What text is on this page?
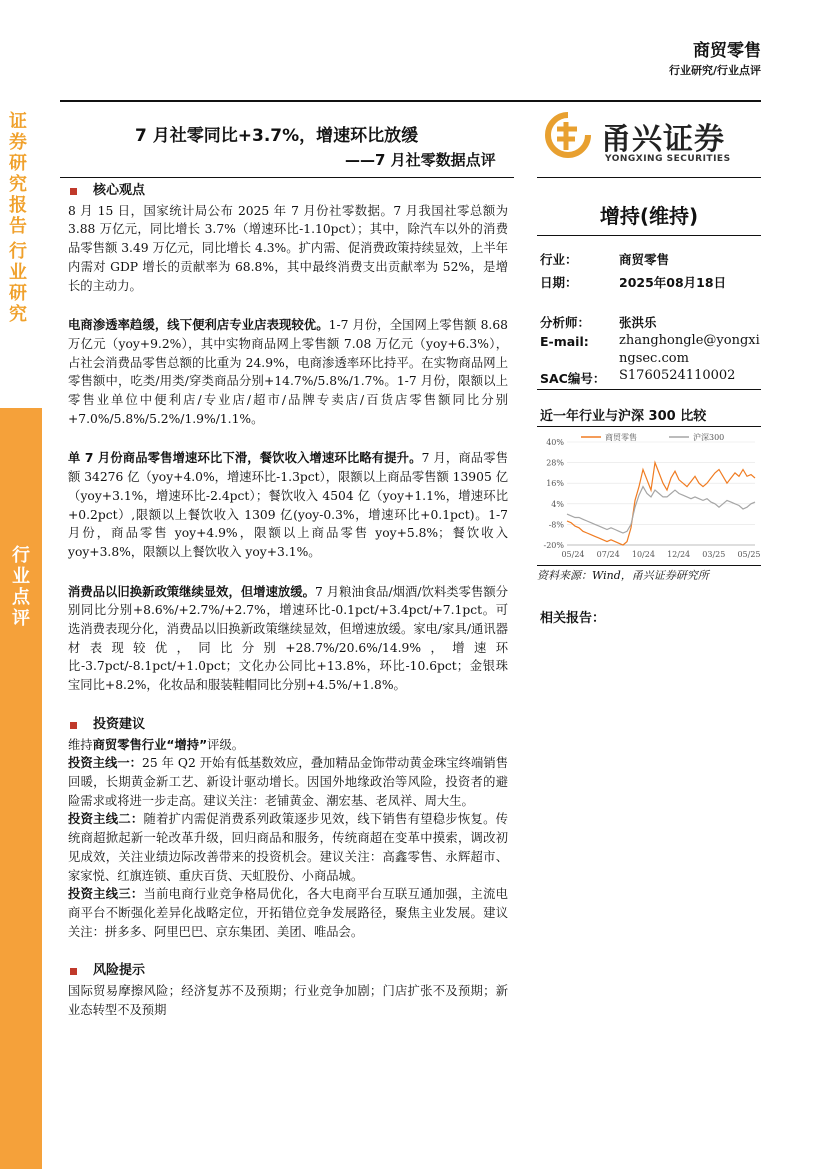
证券研究报告
行业研究
行业点评
商贸零售
行业研究/行业点评
7 月社零同比+3.7%，增速环比放缓
——7 月社零数据点评
甬兴证券
YONGXING SECURITIES
核心观点

8 月 15 日，国家统计局公布 2025 年 7 月份社零数据。7 月我国社零总额为 3.88 万亿元，同比增长 3.7%（增速环比-1.10pct）；其中，除汽车以外的消费品零售额 3.49 万亿元，同比增长 4.3%。扩内需、促消费政策持续显效，上半年内需对 GDP 增长的贡献率为 68.8%，其中最终消费支出贡献率为 52%，是增长的主动力。

电商渗透率趋缓，线下便利店专业店表现较优。1-7 月份，全国网上零售额 8.68 万亿元（yoy+9.2%），其中实物商品网上零售额 7.08 万亿元（yoy+6.3%），占社会消费品零售总额的比重为 24.9%，电商渗透率环比持平。在实物商品网上零售额中，吃类/用类/穿类商品分别+14.7%/5.8%/1.7%。1-7 月份，限额以上零售业单位中便利店/专业店/超市/品牌专卖店/百货店零售额同比分别+7.0%/5.8%/5.2%/1.9%/1.1%。

单 7 月份商品零售增速环比下滑，餐饮收入增速环比略有提升。7 月，商品零售额 34276 亿（yoy+4.0%，增速环比-1.3pct），限额以上商品零售额 13905 亿（yoy+3.1%，增速环比-2.4pct）；餐饮收入 4504 亿（yoy+1.1%，增速环比+0.2pct）,限额以上餐饮收入 1309 亿(yoy-0.3%，增速环比+0.1pct)。1-7 月份，商品零售 yoy+4.9%，限额以上商品零售 yoy+5.8%；餐饮收入 yoy+3.8%，限额以上餐饮收入 yoy+3.1%。

消费品以旧换新政策继续显效，但增速放缓。7 月粮油食品/烟酒/饮料类零售额分别同比分别+8.6%/+2.7%/+2.7%，增速环比-0.1pct/+3.4pct/+7.1pct。可选消费表现分化，消费品以旧换新政策继续显效，但增速放缓。家电/家具/通讯器材表现较优，同比分别+28.7%/20.6%/14.9%，增速环比-3.7pct/-8.1pct/+1.0pct；文化办公同比+13.8%，环比-10.6pct；金银珠宝同比+8.2%，化妆品和服装鞋帽同比分别+4.5%/+1.8%。

投资建议

维持商贸零售行业“增持”评级。

投资主线一：25 年 Q2 开始有低基数效应，叠加精品金饰带动黄金珠宝终端销售回暖，长期黄金新工艺、新设计驱动增长。因国外地缘政治等风险，投资者的避险需求或将进一步走高。建议关注：老铺黄金、潮宏基、老凤祥、周大生。

投资主线二：随着扩内需促消费系列政策逐步见效，线下销售有望稳步恢复。传统商超掀起新一轮改革升级，回归商品和服务，传统商超在变革中摸索，调改初见成效，关注业绩边际改善带来的投资机会。建议关注：高鑫零售、永辉超市、家家悦、红旗连锁、重庆百货、天虹股份、小商品城。

投资主线三：当前电商行业竞争格局优化，各大电商平台互联互通加强，主流电商平台不断强化差异化战略定位，开拓错位竞争发展路径，聚焦主业发展。建议关注：拼多多、阿里巴巴、京东集团、美团、唯品会。

风险提示

国际贸易摩擦风险；经济复苏不及预期；行业竞争加剧；门店扩张不及预期；新业态转型不及预期

增持(维持)
行业：	商贸零售
日期：	2025年08月18日
分析师： 张洪乐
E-mail: zhanghongle@yongxingsec.com
SAC编号： S1760524110002
近一年行业与沪深 300 比较
40%
28%
16%
4%
-8%
-20%
05/24 07/24 10/24 12/24 03/25 05/25
商贸零售	沪深300
资料来源：Wind，甬兴证券研究所
相关报告：
